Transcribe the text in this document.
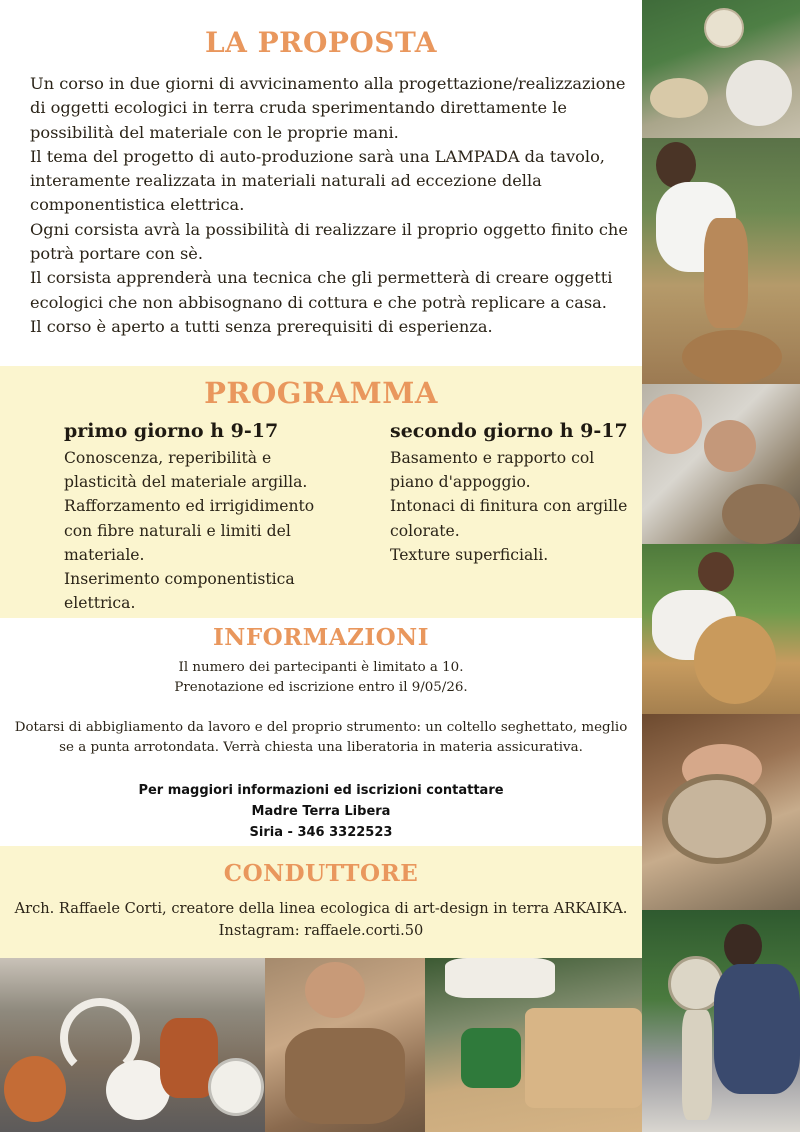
LA PROPOSTA

Un corso in due giorni di avvicinamento alla progettazione/realizzazione di oggetti ecologici in terra cruda sperimentando direttamente le possibilità del materiale con le proprie mani.

Il tema del progetto di auto-produzione sarà una LAMPADA da tavolo, interamente realizzata in materiali naturali ad eccezione della componentistica elettrica.

Ogni corsista avrà la possibilità di realizzare il proprio oggetto finito che potrà portare con sè.

Il corsista apprenderà una tecnica che gli permetterà di creare oggetti ecologici che non abbisognano di cottura e che potrà replicare a casa.

Il corso è aperto a tutti senza prerequisiti di esperienza.

PROGRAMMA
primo giorno h 9-17
Conoscenza, reperibilità e plasticità del materiale argilla.
Rafforzamento ed irrigidimento con fibre naturali e limiti del materiale.
Inserimento componentistica elettrica.
secondo giorno h 9-17
Basamento e rapporto col piano d'appoggio.
Intonaci di finitura con argille colorate.
Texture superficiali.
INFORMAZIONI
Il numero dei partecipanti è limitato a 10.
Prenotazione ed iscrizione entro il 9/05/26.
Dotarsi di abbigliamento da lavoro e del proprio strumento: un coltello seghettato, meglio
se a punta arrotondata. Verrà chiesta una liberatoria in materia assicurativa.
Per maggiori informazioni ed iscrizioni contattare
Madre Terra Libera
Siria - 346 3322523
CONDUTTORE
Arch. Raffaele Corti, creatore della linea ecologica di art-design in terra ARKAIKA.
Instagram: raffaele.corti.50
